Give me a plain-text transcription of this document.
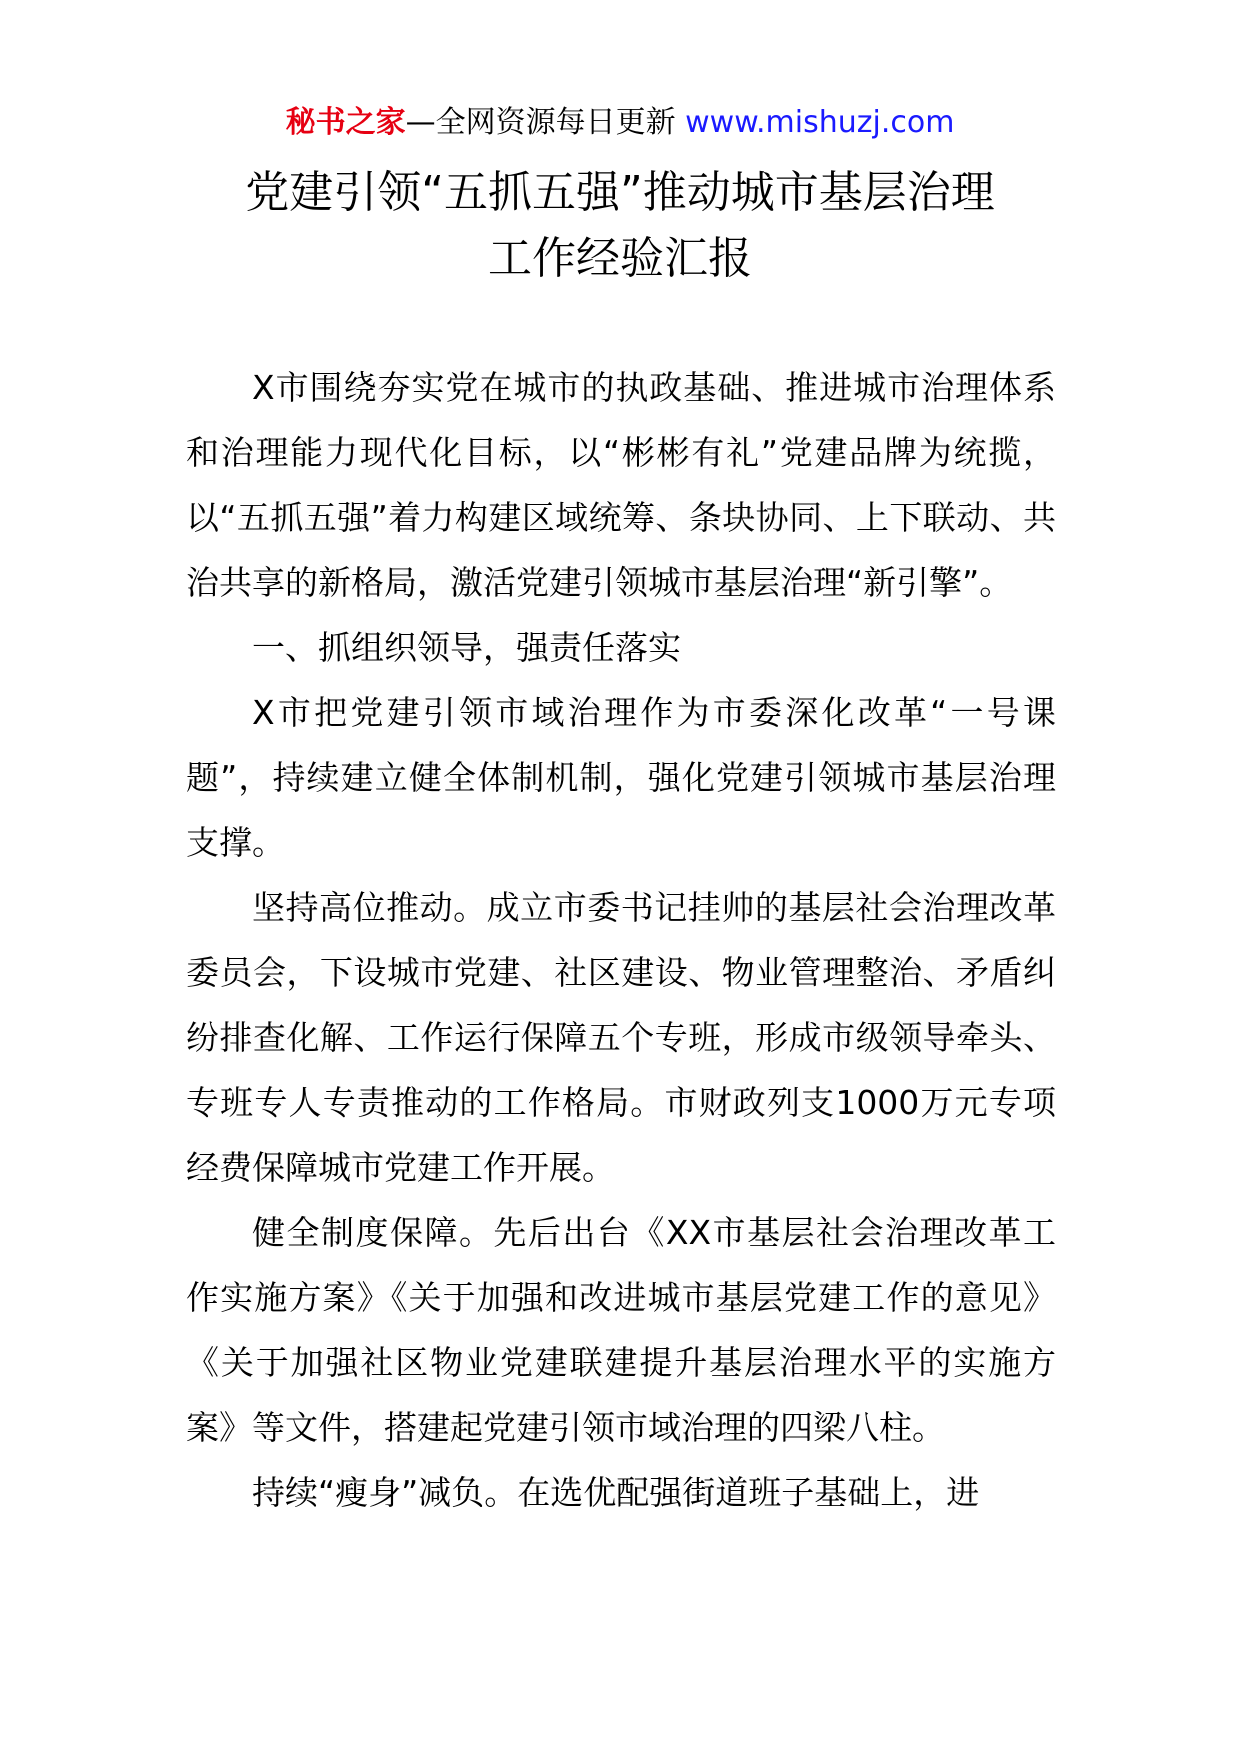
秘书之家—全网资源每日更新 www.mishuzj.com
党建引领“五抓五强”推动城市基层治理
工作经验汇报

X市围绕夯实党在城市的执政基础、推进城市治理体系和治理能力现代化目标，以“彬彬有礼”党建品牌为统揽，以“五抓五强”着力构建区域统筹、条块协同、上下联动、共治共享的新格局，激活党建引领城市基层治理“新引擎”。

一、抓组织领导，强责任落实

X市把党建引领市域治理作为市委深化改革“一号课题”，持续建立健全体制机制，强化党建引领城市基层治理支撑。

坚持高位推动。成立市委书记挂帅的基层社会治理改革委员会，下设城市党建、社区建设、物业管理整治、矛盾纠纷排查化解、工作运行保障五个专班，形成市级领导牵头、专班专人专责推动的工作格局。市财政列支1000万元专项经费保障城市党建工作开展。

健全制度保障。先后出台《XX市基层社会治理改革工作实施方案》《关于加强和改进城市基层党建工作的意见》《关于加强社区物业党建联建提升基层治理水平的实施方案》等文件，搭建起党建引领市域治理的四梁八柱。

持续“瘦身”减负。在选优配强街道班子基础上，进
